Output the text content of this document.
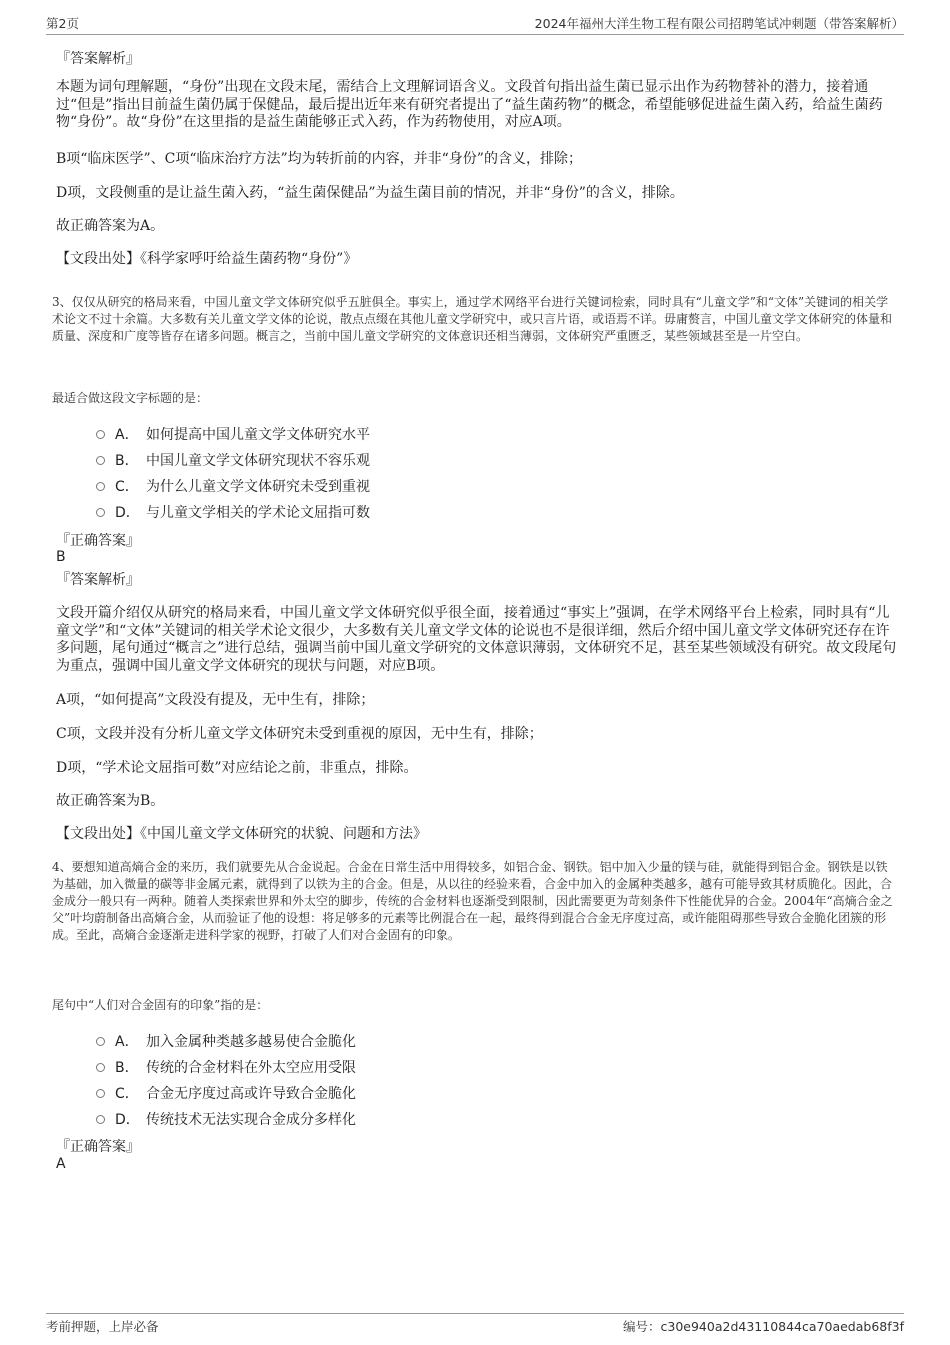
第2页	2024年福州大洋生物工程有限公司招聘笔试冲刺题（带答案解析）
『答案解析』
本题为词句理解题，“身份”出现在文段末尾，需结合上文理解词语含义。文段首句指出益生菌已显示出作为药物替补的潜力，接着通过“但是”指出目前益生菌仍属于保健品，最后提出近年来有研究者提出了“益生菌药物”的概念，希望能够促进益生菌入药，给益生菌药物“身份”。故“身份”在这里指的是益生菌能够正式入药，作为药物使用，对应A项。
B项“临床医学”、C项“临床治疗方法”均为转折前的内容，并非“身份”的含义，排除；
D项，文段侧重的是让益生菌入药，“益生菌保健品”为益生菌目前的情况，并非“身份”的含义，排除。
故正确答案为A。
【文段出处】《科学家呼吁给益生菌药物“身份”》
3、仅仅从研究的格局来看，中国儿童文学文体研究似乎五脏俱全。事实上，通过学术网络平台进行关键词检索，同时具有“儿童文学”和“文体”关键词的相关学术论文不过十余篇。大多数有关儿童文学文体的论说，散点点缀在其他儿童文学研究中，或只言片语，或语焉不详。毋庸赘言，中国儿童文学文体研究的体量和质量、深度和广度等皆存在诸多问题。概言之，当前中国儿童文学研究的文体意识还相当薄弱，文体研究严重匮乏，某些领域甚至是一片空白。
最适合做这段文字标题的是：
A． 如何提高中国儿童文学文体研究水平
B． 中国儿童文学文体研究现状不容乐观
C． 为什么儿童文学文体研究未受到重视
D． 与儿童文学相关的学术论文屈指可数
『正确答案』
B
『答案解析』
文段开篇介绍仅从研究的格局来看，中国儿童文学文体研究似乎很全面，接着通过“事实上”强调，在学术网络平台上检索，同时具有“儿童文学”和“文体”关键词的相关学术论文很少，大多数有关儿童文学文体的论说也不是很详细，然后介绍中国儿童文学文体研究还存在许多问题，尾句通过“概言之”进行总结，强调当前中国儿童文学研究的文体意识薄弱，文体研究不足，甚至某些领域没有研究。故文段尾句为重点，强调中国儿童文学文体研究的现状与问题，对应B项。
A项，“如何提高”文段没有提及，无中生有，排除；
C项，文段并没有分析儿童文学文体研究未受到重视的原因，无中生有，排除；
D项，“学术论文屈指可数”对应结论之前，非重点，排除。
故正确答案为B。
【文段出处】《中国儿童文学文体研究的状貌、问题和方法》
4、要想知道高熵合金的来历，我们就要先从合金说起。合金在日常生活中用得较多，如铝合金、钢铁。铝中加入少量的镁与硅，就能得到铝合金。钢铁是以铁为基础，加入微量的碳等非金属元素，就得到了以铁为主的合金。但是，从以往的经验来看，合金中加入的金属种类越多，越有可能导致其材质脆化。因此，合金成分一般只有一两种。随着人类探索世界和外太空的脚步，传统的合金材料也逐渐受到限制，因此需要更为苛刻条件下性能优异的合金。2004年“高熵合金之父”叶均蔚制备出高熵合金，从而验证了他的设想：将足够多的元素等比例混合在一起，最终得到混合合金无序度过高，或许能阻碍那些导致合金脆化团簇的形成。至此，高熵合金逐渐走进科学家的视野，打破了人们对合金固有的印象。
尾句中“人们对合金固有的印象”指的是：
A． 加入金属种类越多越易使合金脆化
B． 传统的合金材料在外太空应用受限
C． 合金无序度过高或许导致合金脆化
D． 传统技术无法实现合金成分多样化
『正确答案』
A
考前押题，上岸必备	编号：c30e940a2d43110844ca70aedab68f3f
